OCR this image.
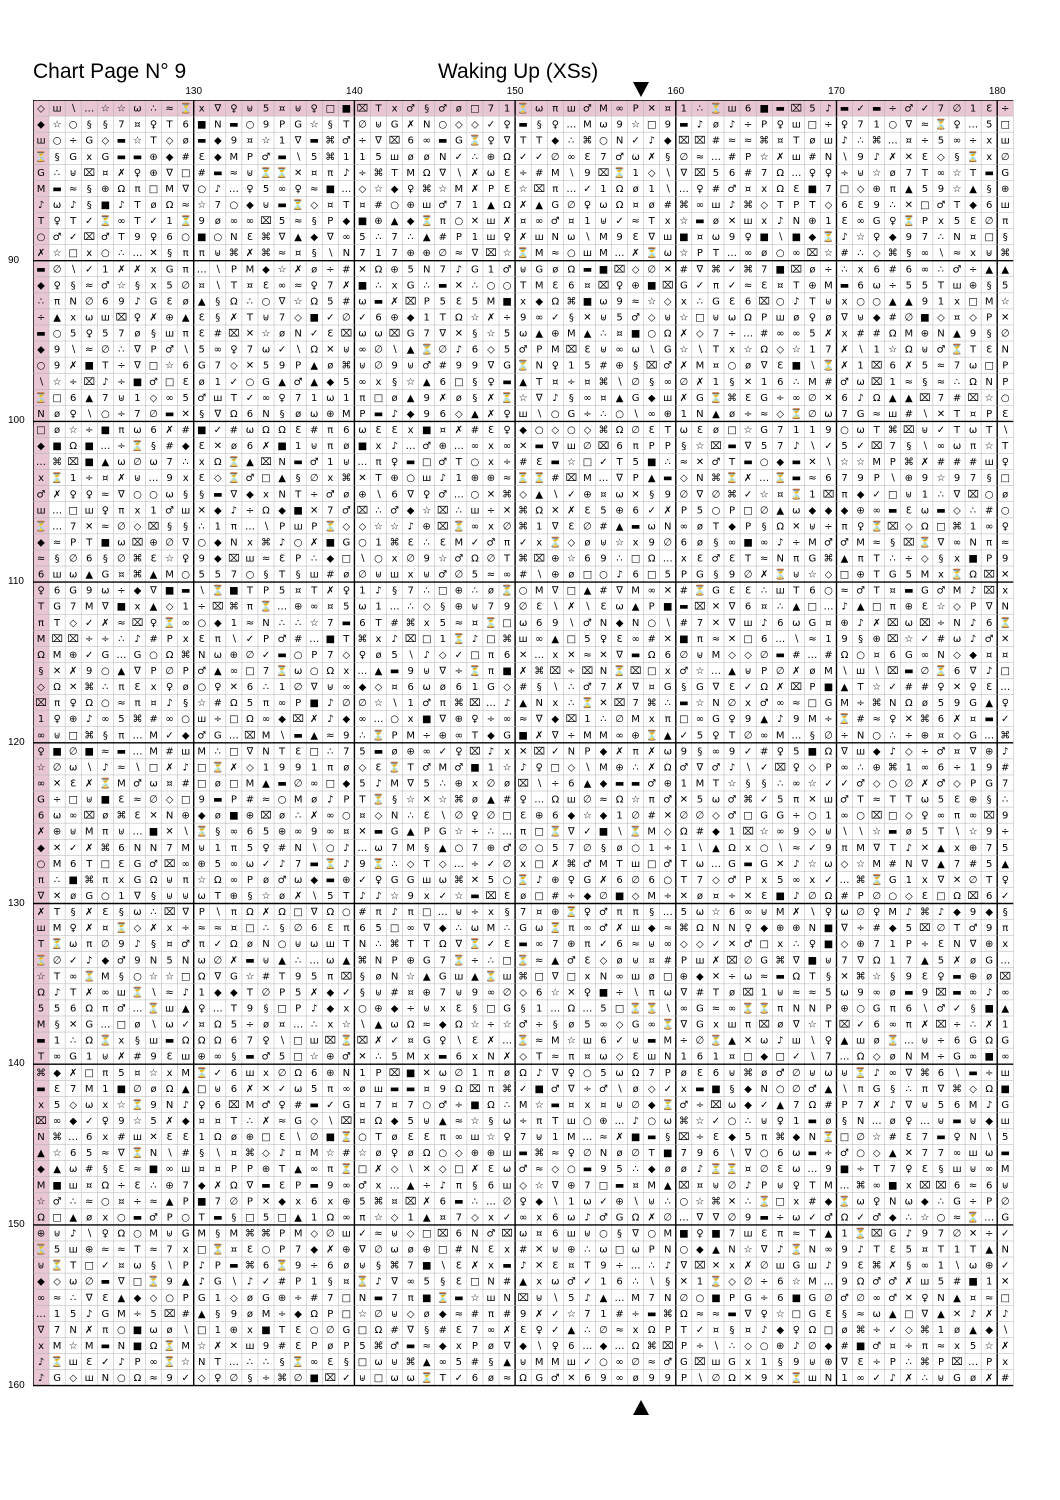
Chart Page N° 9	Waking Up (XSs)
130	140	150	160	170	180
90
100
110
120
130
140
150
160
◇ ш ∖ … ☆ ☆ ω ∴ ≈ ⏳ x ∇ ♀ ⊎ 5 ¤ ⊎ ♀ □ ■ ⌧ T x ♂ § ♂ ø □ 7 1 ⏳ ω π ш ♂ M ∞ P ✕ ¤ 1 ∴ ⏳ ш 6 ■ ▬ ⌧ 5 ♪ ▬ ✓ ▬ ÷ ♂ ✓ 7 ∅ 1 Ɛ ÷
◆ ☆ ○ § § 7 ¤ ♀ T 6 ■ N ▬ ○ 9 P G ☆ § T ∅ ⊎ G ✗ N ○ ◇ ◇ ✓ ♀ ▬ § ♀ … M ω 9 ☆ □ 9 ▬ ♪ ø ♪ ÷ P ♀ ш □ ÷ ♀ 7 1 ○ ∇ ≈ ⏳ ♀ … 5 □
ш ○ ÷ G ◇ ▬ ☆ T ◇ ø ▬ ◆ 9 ¤ ☆ 1 ∇ ▬ ⌘ ♂ ÷ ∇ ⌧ 6 ∞ ▬ G ⏳ ♀ ∇ T T ◆ ∴ ⌘ ○ N ✓ ♪ ◆ ⌧ ⌧ # ≈ ≈ ⌘ ¤ T ø ш ♪ ∴ ⌘ … ¤ ÷ 5 ∞ ÷ x ш
⏳ § G x G ▬ ▬ ⊕ ◆ # Ɛ ◆ M P ♂ ▬ ∖ 5 ⌘ 1 1 5 ш ø ø N ✓ ∴ ⊕ Ω ✓ ✓ ∅ ∞ Ɛ 7 ♂ ω ✗ § ∅ ≈ … # P ☆ ✗ ш # N ∖ 9 ♪ ✗ ✕ Ɛ ◇ § ⏳ x ∅
G ∴ ⊎ ⌧ ¤ ✗ ♀ ⊕ ∇ □ # ▬ ≈ ⊎ ⏳ ⏳ ✕ ¤ π ♪ ÷ ⌘ T M Ω ∇ ∖ ✗ ω Ɛ ÷ # M ∖ 9 ⌧ ⏳ 1 ◇ ∖ ∇ ⌧ 5 6 # 7 Ω … ♀ ♀ ÷ ⊎ ☆ ø 7 T ∞ ☆ T ▬ G
M ▬ ≈ § ⊕ Ω π □ M ∇ ○ ♪ … ♀ 5 ∞ ♀ ≈ ■ … ◇ ☆ ◆ ♀ ⌘ ☆ M ✗ P Ɛ ☆ ⌧ π … ✓ 1 Ω ø 1 ∖ … ♀ # ♂ ¤ x Ω Ɛ ■ 7 □ ◇ ⊕ π ▲ 5 9 ☆ ▲ § ⊕
♪ ω ♪ § ■ ♪ T ø Ω ≈ ☆ 7 ○ ◆ ⊎ ▬ ⏳ ◇ ¤ T ¤ # ○ ⊕ ш ♂ 7 1 ▲ Ω ✗ ▲ G ∅ ♀ ω Ω ¤ ø # ⌘ ∞ ш ♪ ⌘ ◇ T P T ◇ 6 Ɛ 9 ∴ ✕ □ ♂ T ◆ 6 ш
T ♀ T ✓ ⏳ ∞ T ✓ 1 ⏳ 9 ø ∞ ∞ ⌧ 5 ≈ § P ◆ ■ ⊕ ▲ ◆ ⏳ π ○ ✕ ш ✗ ¤ ∞ ♂ ¤ 1 ⊎ ✓ ≈ T x ☆ ▬ ø ✕ ш x ♪ N ⊕ 1 Ɛ ∞ G ♀ ⏳ P x 5 Ɛ ∅ π
○ ♂ ✓ ⌧ ♂ T 9 ♀ 6 ○ ■ ○ N Ɛ ⌘ ∇ ▲ ◆ ∇ ∞ 5 ∴ 7 ∴ ▲ # P 1 ш ♀ ✗ ш N ω ∖ M 9 Ɛ ∇ ш ■ ¤ ω 9 ♀ ■ ∖ ■ ◆ ⏳ ♪ ☆ ♀ ◆ 9 7 ∴ N ¤ □ §
✗ ☆ □ x ○ ∴ … ✕ § π π ⊎ ⌘ ✗ ⌘ ≈ ¤ § ∖ N 7 1 7 ⊕ ⊕ ∅ ≈ ∇ ⌧ ☆ ⏳ M ≈ ○ ш M … ✗ ⏳ ω ☆ P T … ∞ ø ○ ∞ ⌧ ☆ # ∴ ◇ ⌘ § ∞ ∖ ≈ x ⊎ ⌘
▬ ∅ ∖ ✓ 1 ✗ ✗ x G π … ∖ P M ◆ ☆ ✗ ø ÷ # ✕ Ω ⊕ 5 N 7 ♪ G 1 ♂ ⊎ G ø Ω ▬ ■ ⌧ ◇ ∅ ✕ # ∇ ⌘ ✓ ⌘ 7 ■ ⌧ ø ÷ ∴ x 6 # 6 ∞ ∴ ♂ ÷ ▲ ▲
◆ ♀ § ≈ ♂ ☆ § x 5 ∅ ¤ ∖ T ¤ Ɛ ∞ ≈ ♀ 7 ✗ ■ ∴ x G ∴ ▬ ✕ ∴ ○ ○ T M Ɛ 6 ¤ ⌧ ♀ ⊕ ■ ⌧ G ✓ π ✓ ≈ Ɛ ¤ T ⊕ M ▬ 6 ω ÷ 5 5 T ш ⊕ § 5
∴ π N ∅ 6 9 ♪ G Ɛ ø ▲ § Ω ∴ ○ ∇ ☆ Ω 5 # ω ▬ ✗ ⌧ P 5 Ɛ 5 M ■ x ◆ Ω ⌘ ■ ω 9 ≈ ☆ ◇ x ∴ G Ɛ 6 ⌧ ○ ♪ T ⊎ x ○ ○ ▲ ▲ 9 1 x □ M ☆
÷ ▲ x ω ш ⌧ ♀ ✗ ⊕ ▲ Ɛ § ✗ T ⊎ 7 ◇ ■ ✓ ∅ ✓ 6 ⊕ ◆ 1 T Ω ☆ ✗ ÷ 9 ∞ ✓ § ✕ ⊎ 5 ♂ ◇ ⊎ ☆ □ ⊎ ω Ω P ш ø ♀ ø ∇ ⊎ ◆ # ∅ ■ ◇ ¤ ◇ P ✕
▬ ○ 5 ♀ 5 7 ø § ш π Ɛ # ⌧ ✕ ☆ ø N ✓ Ɛ ⌧ ω ω ⌧ G 7 ∇ ✕ § ☆ 5 ω ▲ ⊕ M ▲ ∴ ¤ ■ ○ Ω ✗ ◇ 7 ÷ … # ∞ ∞ 5 ✗ x # # Ω M ⊕ N ▲ 9 § ∅
◆ 9 ∖ ≈ ∅ ∴ ∇ P ♂ ∖ 5 ∞ ♀ 7 ω ✓ ∖ Ω ✕ ⊎ ∞ ∅ ∖ ▲ ⏳ ∅ ♪ 6 ◇ 5 ♂ P M ⌧ Ɛ ⊎ ∞ ω ∖ G ☆ ∖ T x ☆ Ω ◇ ☆ 1 7 ✗ ∖ 1 ☆ Ω ⊎ ♂ ⏳ T Ɛ N
○ 9 ✗ ■ T ÷ ∇ □ ☆ 6 G 7 ◇ ✕ 5 9 P ▲ ø ⌘ ⊎ ∅ 9 ⊎ ♂ # 9 9 ∇ G ⏳ N ♀ 1 5 # ⊕ § ⌧ ♂ ✗ M ¤ ○ ø ∇ Ɛ ■ ∖ ⏳ ✗ 1 ⌧ 6 ✗ 5 ≈ 7 ω □ P
∖ ☆ ÷ ⌧ ♪ ÷ ■ ♂ □ Ɛ ø 1 ✓ ○ G ▲ ♂ ▲ ◆ 5 ∞ x § ☆ ▲ 6 □ § ♀ ▬ ▲ T ¤ ÷ ¤ ⌘ ∖ ∅ § ∞ ∅ ✗ 1 § ✕ 1 6 ∴ M # ♂ ω ⌧ 1 ≈ § ≈ ∴ Ω N P
⏳ □ 6 ▲ 7 ⊎ 1 ◇ ∞ 5 ♂ ш T ✓ ∞ ♀ 7 1 ω 1 π □ ø ▲ 9 ✗ ø § ✗ ⏳ ☆ ∇ ♪ § ∞ ¤ ▲ G ◆ ш ✗ G ⏳ ⌘ Ɛ G ÷ ∞ ∅ ✕ 6 ♪ Ω ▲ ▲ ⌧ 7 # ⌧ ☆ ○
N ø ♀ ∖ ○ ÷ 7 ∅ ▬ ✕ § ∇ Ω 6 N § ø ω ⊕ M P ▬ ♪ ◆ 9 6 ◇ ▲ ✗ ♀ ш ∖ ○ G ÷ ∴ ○ ∖ ∞ ⊕ 1 N ▲ ø ÷ ≈ ◇ ⏳ ∅ ω 7 G ≈ ш # ∖ ✕ T ¤ P Ɛ
□ ø ☆ ÷ ■ π ω 6 ✗ # ■ ✓ # ω Ω Ω Ɛ # π 6 ω Ɛ Ɛ x ■ ¤ ✗ # Ɛ ♀ ◆ ○ ◇ ○ ◇ ⌘ Ω ∅ Ɛ T ω Ɛ ø □ ☆ G 7 1 1 9 ○ ω T ⌘ ⌧ ⊎ ✓ T ω T ∖
◆ ■ Ω ■ … ÷ ⏳ § # ◆ Ɛ ✕ ø 6 ✗ ■ 1 ⊎ π ø ■ x ♪ … ♂ ⊕ … ∞ x ∞ ✕ ▬ ∇ ш ∅ ⌧ 6 π P P § ☆ ⌧ ▬ ∇ 5 7 ♪ ∖ ✓ 5 ✓ ⌧ 7 § ∖ ∞ ω π ☆ T
… ⌘ ⌧ ■ ▲ ω ∅ ω 7 ∴ x Ω ⏳ ▲ ⌧ N ▬ ♂ 1 ⊎ … π ♀ ▬ □ ♂ T ○ x ÷ # Ɛ ▬ ☆ □ ✓ T 5 ■ ∴ ≈ ✕ ♂ T ▬ ○ ◆ ▬ ✕ ∖ ☆ ☆ M P ⌘ ✗ # # # ш ♀
x ⏳ 1 ÷ ¤ ✗ ⊎ … 9 x Ɛ ◇ ⏳ ♂ □ ▲ § ∅ x ⌘ ✕ T ⊕ ○ ш ♪ 1 ⊕ ⊕ ≈ ⏳ ⏳ # ⌧ M … ∇ P ▲ ▬ ◇ N ⌘ ⏳ ✗ … ⏳ ▬ ≈ 6 7 9 P ∖ ⊕ 9 ☆ 9 7 § □
♂ ✗ ♀ ♀ ≈ ∇ ○ ○ ω § § ▬ ∇ ◆ x N T ÷ ♂ ø ⊕ ∖ 6 ∇ ♀ ♂ … ○ ✕ ⌘ ◇ ▲ ∖ ✓ ⊕ ¤ ω ✕ § 9 ∅ ∇ ∅ ⌘ ✓ ☆ ¤ ⏳ 1 ⌧ π ◆ ✓ □ ⊎ 1 ∴ ∇ ⌧ ○ ø
ш … □ ш ♀ π x 1 ♂ ш ✕ ◆ ♪ ÷ Ω ◆ ■ ✕ 7 ♂ ⌧ ∴ ♂ ◆ ☆ ⌧ ∴ ш ÷ ✕ ⌘ Ω ✕ ✗ Ɛ 5 ⊕ 6 ✓ ✗ P 5 ○ P □ ∅ ▲ ω ◆ ◆ ◆ ⊕ ∞ ▬ Ɛ ω ▬ ◇ ∴ # ○
⏳ … 7 ✕ ≈ ∅ ◇ ⌧ § § ∴ 1 π … ∖ P ш P ⏳ ◇ ◇ ☆ ☆ ♪ ⊕ ⌧ ⏳ ∞ x ∅ ⌘ 1 ∇ Ɛ ∅ # ▲ ▬ ω N ∞ ø T ◆ P § Ω ✕ ⊎ ÷ π ♀ ⏳ ⌧ ◇ Ω □ ⌘ 1 ∞ ♀
◆ ≈ P T ■ ω ⌧ ⊕ ∅ ∇ ○ ◆ N x ⌘ ♪ ○ ✗ ■ G ○ 1 ⌘ Ɛ ∴ Ɛ M ✓ ♂ π ✓ x ⏳ ◇ ø ⊎ ☆ x 9 ∅ 6 ø § ∞ ■ ∞ ♪ ÷ M ♂ ♂ M ≈ § ⌧ ⏳ ∇ ∞ N π ≈
≈ § ∅ 6 § ∅ ⌘ Ɛ ☆ ♀ 9 ◆ ⌧ ш ≈ Ɛ P ∴ ◆ □ ∖ ○ x ∅ 9 ☆ ♂ Ω ∅ T ⌘ ⌧ ⊕ ☆ 6 9 ∴ □ Ω … x Ɛ ♂ Ɛ T ≈ N π G ⌘ ▲ π T ∴ ÷ ◇ § x ■ P 9
6 ш ω ▲ G ¤ ⌘ ▲ M ○ 5 5 7 ○ § T § ш # ø ∅ ⊎ ш x ⊎ ♂ ∅ 5 ≈ ∞ # ∖ ⊕ ø □ ○ ♪ 6 □ 5 P G § 9 ∅ ✗ ⏳ ⊎ ☆ ◇ □ ⊕ T G 5 M x ⏳ Ω ⌧ ✕
♀ 6 G 9 ω ÷ ◆ ∇ ■ ▬ ∖ ⏳ ■ T P 5 ¤ T ✗ ♀ 1 ♪ § 7 ∴ □ ⊕ ∴ ø ⏳ ○ M ∇ □ ▲ # ∇ M ∞ ✕ # ⏳ G Ɛ Ɛ ∴ ш T 6 ○ ≈ ♂ T ¤ ▬ G ♂ M ♪ ⌧ x
T G 7 M ∇ ■ x ▲ ◇ 1 ÷ ⌧ ⌘ π ⏳ … ⊕ ∞ ¤ 5 ω 1 … ∴ ◇ § ⊕ ⊎ 7 9 ∅ Ɛ ∖ ✗ ∖ Ɛ ω ▲ P ■ ▬ ⌧ ✕ ∇ 6 ¤ ∴ ▲ □ … ♪ ▲ □ π ⊕ Ɛ ☆ ◇ P ∇ N
π T ◇ ✓ ✗ ≈ ⌧ ♀ ⏳ ∞ ○ ◆ 1 ≈ N ∴ ∴ ☆ 7 ▬ 6 T # ⌘ x 5 ≈ ¤ ⏳ □ ω 6 9 ∖ ♂ N ◆ N ○ ∖ # 7 ✕ ∇ ш ♪ 6 ω G ¤ ⊕ ♪ ✗ ⌧ ω ⌧ ÷ N ♪ 6 ⏳
M ⌧ ⌧ ÷ ÷ ∴ ♪ # P x Ɛ π ∖ ✓ P ♂ # … ■ T ⌘ x ♪ ⌧ □ 1 ⏳ ♪ □ ⌘ ш ∞ ▲ □ 5 ♀ Ɛ ∞ # ✕ ■ π ≈ ✕ □ 6 … ∖ ≈ 1 9 § ⊕ ⌧ ☆ ✓ # ω ♪ ♂ ✕
Ω M ⊕ ✓ G … G ○ Ω ⌘ N ω ⊕ ∅ ✓ ▬ ○ P 7 ◇ ♀ ø 5 ∖ ♪ ◇ ✓ □ π 6 ✕ … x ✕ ≈ ✕ ∇ ▬ Ω 6 ∅ ⊎ M ◇ ◇ ∅ ▬ # … # Ω ○ ¤ 6 G ∞ N ◇ ◆ ¤ ¤
§ ✕ ✗ 9 ○ ▲ ∇ P ∅ P ♂ ▲ ∞ □ 7 ⏳ ω ○ Ω x … ▲ ▬ 9 ⊎ ∇ ÷ ⏳ π ■ ✗ ⌘ ⌧ ÷ ⌧ N ⏳ ⌧ □ x ♂ ☆ … ▲ ⊎ P ∅ ✗ ø M ∖ ш ∖ ⌧ ▬ ∅ ⏳ 6 ∇ ♪ □
◇ Ω ✕ ⌘ ∴ π Ɛ x ♀ ø ○ ♀ ✕ 6 ∴ 1 ∅ ∇ ⊎ ∞ ◆ ◇ ¤ 6 ω ø 6 1 G ◇ # § ∖ ∴ ♂ 7 ✗ ∇ ¤ G § G ∇ Ɛ ✓ Ω ✗ ⌧ P ■ ▲ T ☆ ✓ # # ♀ ✕ ♀ Ɛ …
⌧ π ♀ Ω ○ ≈ π ¤ ♪ § ☆ # Ω 5 π ∞ P ■ ♪ ∅ ∅ ☆ ∖ 1 ♂ π ⌘ ⌧ … ♪ ▲ N x ∴ ⏳ ✕ ⌧ 7 ⌘ ∴ ▬ ☆ N ∅ x ♂ ∞ ≈ □ G M ÷ ⌘ N Ω ø 5 9 G ▲ ♀
1 ♀ ⊕ ♪ ∞ 5 ⌘ # ∞ ○ ш ÷ □ Ω ∞ ◆ ⌧ ✗ ♪ ◆ ∞ … ○ x ■ ∇ ⊕ ♀ ÷ ∞ ≈ ∇ ◆ ⌧ 1 ∴ ∅ M x π □ ∞ G ♀ 9 ▲ ♪ 9 M ÷ ⏳ # ≈ ♀ ✕ ⌘ 6 ✗ ¤ ▬ ✓
∞ ⊎ □ ⌘ § π … M ✓ ◆ ♂ G … ⌧ M ∖ ▬ ▲ ≈ 9 ∴ ⏳ P M ÷ ⊕ ∞ T ◆ G ■ ✗ ∇ ÷ M M ∞ ⊕ ⏳ ▲ ✓ 5 ♀ T ∅ ∞ M … § ∅ ÷ N ○ ∴ ÷ ⊕ ¤ ◇ G … ⌘
♀ ■ ∅ ■ ≈ ▬ … M # ш M ∴ □ ∇ N T Ɛ □ ∴ 7 5 ▬ ø ⊕ ∞ ✓ ♀ ⌧ ♪ x ✕ ⌧ ✓ N P ◆ ✗ π ✗ ω 9 § ∞ 9 ✓ # ♀ 5 ■ Ω ∇ ш ◆ ♪ ◇ ÷ ♂ ¤ ∇ ⊕ ♪
☆ ∅ ω ∖ ♪ ≈ ∖ □ ✗ ♪ □ ⏳ ✗ ◇ 1 9 9 1 π ø ◇ Ɛ ⏳ T ♂ M ♂ ■ 1 ☆ ♪ ♀ □ ◇ ∖ M ⊕ ∴ ✗ Ω ♂ ∇ ♂ ♪ ∖ ✓ ⌧ ♀ ◇ P ∞ ∴ ⊕ ⌘ 1 ∞ 6 ÷ 1 9 #
∞ ✕ Ɛ ✗ ⏳ M ♂ ω ¤ # □ ø □ M ▲ ▬ ∅ ∞ □ ◆ 5 ♪ M ∇ 5 ∴ ⊕ x ∅ ø ⌧ ∖ ÷ 6 ▲ ◆ ▬ ▬ ♂ ⊕ 1 M T ☆ § § ∴ ∞ ☆ ✓ ✓ ♂ ◇ ○ ∅ ✗ ♂ ◇ P G 7
G ÷ □ ⊎ ■ Ɛ ≈ ∅ ◇ □ 9 ▬ P # ≈ ○ M ø ♪ P T ⏳ § ☆ ✕ ☆ ⌘ ø ▲ # ♀ … Ω ш ∅ ≈ Ω ☆ π ♂ ✕ 5 ω ♂ ⌘ ✓ 5 π ✕ ш ♂ T ≈ T T ω 5 Ɛ ⊕ § ∴
6 ω ∞ ⌧ ø ⌘ Ɛ ✕ N ⊕ ◆ ø ■ ⊕ ⌧ ø ∴ ✗ ∞ ○ ¤ ◇ N ∴ Ɛ ∖ ∅ ♀ ∅ □ Ɛ ⊕ 6 ◆ ☆ ◆ 1 ∅ # ✕ ∅ ∅ ◇ ♂ □ G G ÷ ○ 1 ∞ ○ ⌧ □ ◇ ♀ ∞ π ∞ ⌧ 9
✗ ⊕ ⊎ M π ⊎ … ■ ✕ ∖ ⏳ § ∞ 6 5 ⊕ ∞ 9 ∞ ¤ ✕ ▬ G ▲ P G ☆ ÷ ∴ … π □ ⏳ ∇ ✓ ■ ∖ ⏳ M ◇ Ω # ◆ 1 ⌧ ☆ ∞ 9 ◇ ⊎ ∖ ∖ ☆ ▬ ø 5 T ∖ ☆ 9 ÷
◆ ✕ ✓ ✗ ⌘ 6 N N 7 M ⊎ 1 π 5 ♀ # N ∖ ○ ♪ … ω 7 M § ▲ ○ 7 ⊕ ♂ ∅ ○ 5 7 ∅ § ø ○ 1 ÷ 1 ∖ ▲ Ω x ○ ∖ ≈ ✓ 9 π M ∇ T ♪ ✕ ▲ x ⊕ 7 5
○ M 6 T □ Ɛ G ♂ ⌧ ∞ ⊕ 5 ∞ ω ✓ ♪ 7 ▬ ⏳ ♪ 9 ⏳ ∴ ◇ T ◇ … ÷ ✓ ∅ x □ ✗ ⌘ ♂ M T ш □ ♂ T ω … G ▬ G ✕ ♪ ☆ ω ◇ ☆ M # N ∇ ▲ 7 # 5 ▲
π ∴ ■ ⌘ π x G Ω ⊎ π ☆ Ω ∞ P ø ♂ ω ◆ ▬ ⊕ ✓ ♀ G G ш ω ⌘ ✕ 5 ○ ⏳ ♪ ⊕ ♀ G ✗ 6 ∅ 6 ○ T 7 ◇ ♂ P x 5 ∞ x ✓ … ⌘ ⏳ G 1 x ∇ ✕ ∅ T ♀
∇ ✕ ø G ○ 1 ∇ § ⊎ ⊎ ω T ⊕ § ☆ ø ✗ ∖ 5 T ♪ ♪ ☆ 9 x ✓ ☆ ▬ ⌧ Ɛ ø □ # ÷ ◆ ∅ ■ ◇ M ÷ ✕ ø ¤ ÷ ✕ Ɛ ■ ♪ ∅ Ω # P ∅ ○ ◇ Ɛ □ Ω ⌧ 6 ✓
✗ T § ✗ Ɛ § ω ∴ ⌧ ∇ P ∖ π Ω ✗ Ω □ ∇ Ω ○ # π ♪ π □ … ⊎ ÷ x § 7 ¤ ⊕ ⏳ ♀ ♂ π π § … 5 ω ☆ 6 ∞ ⊎ M ✗ ∖ ♀ ω ∅ ♀ M ♪ ⌘ ♪ ◆ 9 ◆ §
ш M ♀ ✗ ¤ ⏳ ◇ ✗ x ÷ ≈ ≈ ¤ □ ∴ § ∅ 6 Ɛ π 6 5 □ ∞ ∇ ◆ ∴ ω M ∴ G ω ⏳ π ∞ ♂ ✗ ш ◆ ≈ ⌘ Ω N N ♀ ◆ ⊕ ⊕ N ■ ∇ ÷ # ◆ 5 ⌧ ∅ T ♂ 9 π
T ⏳ ω π ∅ 9 ♪ § ¤ ♂ π ✓ Ω ø N ○ ⊎ ω ш T N ∴ ⌘ T T Ω ∇ ⏳ ✓ Ɛ ▬ ∞ 7 ⊕ π ✓ 6 ≈ ⊎ ∞ ◇ ◇ ✓ ✕ ♂ □ x ∴ ♀ ■ ◇ ⊕ 7 1 P ÷ Ɛ N ∇ ⊕ x
⏳ ∅ ✓ ♪ ◆ ♂ 9 N 5 N ω ∅ ✗ ▬ ⊎ ▲ ∴ … ω ▲ ⌘ N P ⊕ G 7 ⏳ ÷ ∴ □ ⏳ ≈ ▲ ♂ Ɛ ◇ ø ⊎ ¤ # P ш ✗ ⌧ ∅ G ⌘ ∇ ■ ⊎ 7 ∇ Ω 1 7 ▲ 5 ✗ ø G …
☆ T ∞ ⏳ M § ○ ☆ ☆ □ Ω ∇ G ☆ # T 9 5 π ⌧ § ø N ☆ ▲ G ш ▲ ⏳ ш ⌘ □ ∇ □ x N ∞ ш ø □ ⊕ ◆ ✕ ÷ ω ≈ ▬ Ω T § ✕ ⌘ ☆ § 9 Ɛ ♀ ▬ ⊕ ø ⌧
Ω ♪ T ✗ ∞ ш ⏳ ∖ ≈ ♪ 1 ◆ ◆ T ∅ P 5 ✗ ◆ ✓ § ⊎ # ¤ ⊕ 7 ⊎ 9 ∞ ∅ ◇ 6 ☆ ✕ ♀ ■ ÷ ∖ π ω ∇ # T ø ⌧ 1 ⊎ ≈ ≈ 5 ω 9 ∞ ø ▬ 9 ⌧ ▬ ∞ ♪ ∞
5 5 6 Ω π ♂ … ⏳ ш ▲ ♀ … T 9 § □ P ♪ ◆ x ○ ⊕ ◆ ÷ ⊎ x Ɛ § □ G § 1 … Ω … 5 □ ⏳ ⏳ ∖ ∞ G ≈ ∞ ⏳ ⏳ π N N P ⊕ ○ G π 6 ∖ ♂ ✓ § ■ ▲
M § ✕ G … □ ø ∖ ω ✓ ¤ Ω 5 ÷ ø ¤ … ∴ x ☆ ∖ ▲ ω Ω ≈ ◆ Ω ☆ ÷ ☆ ♂ ÷ § ø 5 ∞ ◇ G ∞ ⏳ ∇ G x ш π ⌧ ø ∇ ☆ T ⌧ ✓ 6 ∞ π ✗ ⌧ ÷ ∴ ✗ 1
▬ 1 ∴ Ω ⏳ x § ш ▬ Ω Ω Ω 6 7 ♀ ∖ □ ш ⌧ ⏳ ⌧ ✗ ✓ ¤ G ♀ ∖ Ɛ ✗ … ⏳ ≈ M ☆ ш 6 ✓ ⊎ ▬ M ÷ ∅ ⏳ ▲ ✕ ω ♪ ш ∖ ♀ ▲ ш ø ⏳ … ⊎ ÷ 6 G Ω G
T ∞ G 1 ⊎ ✗ # 9 Ɛ ш ⊕ ∞ § ▬ ♂ 5 □ ☆ ⊕ ♂ ✕ ∴ 5 M x ▬ 6 x N ✗ ◇ T ≈ π ¤ ω ◇ Ɛ ш N 1 6 1 ¤ □ ◆ □ ✓ ∖ 7 … Ω ◇ ø N M ÷ G ∞ ■ ∞
⌘ ◆ ✗ □ π 5 ¤ ☆ x M ⏳ ✓ 6 ш x ∅ Ω 6 ⊕ N 1 P ⌧ ■ ✕ ω ∅ 1 π ø Ω ♪ ∇ ♀ ○ 5 ω Ω 7 P ø Ɛ 6 ⊎ ⌘ ø ♂ ∅ ⊎ ω ⊎ ⏳ ♪ ∞ ∇ ⌘ 6 ∖ ▬ ÷ ш
▬ Ɛ 7 M 1 ■ ∅ ø Ω ▲ □ ⊎ 6 ✗ ✕ ✓ ω 5 π ∞ ø ш ▬ ▬ ¤ 9 Ω ⌧ π ⌘ ✓ ■ ♂ ∇ ÷ ♂ ∖ ø ◇ ✓ x ▬ ■ § ◆ N ○ ∅ ♂ ▲ ∖ π G § ∴ π ∇ ⌘ ◇ Ω ■
x 5 ◇ ω x ☆ ⏳ 9 N ♪ ♀ 6 ⌧ M ♂ ♀ # ▬ ✓ G ¤ 7 ¤ 7 ○ ♂ ÷ ■ Ω ∴ M ☆ ▬ ¤ x ¤ ⊎ ∅ ◆ ⏳ ♂ ÷ ⌧ ω ◆ ✓ ▲ 7 Ω # P 7 ✗ ♪ ∇ ⊎ 5 6 M ♪ G
⌧ ∞ ◆ ✓ ♀ 9 ☆ 5 ✗ ◆ ¤ ¤ T ∴ ✗ ≈ G ◇ ∖ ⌧ ¤ Ω ◆ 5 ⊎ ▲ ≈ ☆ § ω ÷ π T ш ○ ⊕ … ♪ ○ ω ⌘ ☆ ✓ ○ ∴ ⊎ ♀ 1 ▬ ø § N … ø ♀ … ⊎ ▬ ⊎ ◆ ш
N ⌘ … 6 x # ш ✕ Ɛ Ɛ 1 Ω ø ⊕ □ Ɛ ∖ ∅ ■ ⏳ ○ T ø Ɛ Ɛ π ∞ ш ☆ ♀ 7 ⊎ 1 M … ≈ ✗ ■ ▬ § ⌧ ÷ Ɛ ◆ 5 π ⌘ ◆ N ⏳ □ ∅ ☆ # Ɛ 7 ▬ ♀ N ∖ 5
▲ ☆ 6 5 ≈ ∇ ⏳ N ∖ # § ∖ ¤ ⌘ ◇ ♪ ¤ M ☆ # ☆ ø ♀ ø Ω ○ ◇ ⊕ ⊕ ш ▬ ⌘ ≈ ♀ ∅ N ø ∅ T ■ 7 9 6 ∖ ∇ ○ 6 ω ▬ ÷ ♂ ○ ◇ ▲ ✕ 7 7 ∞ ш ω ▬
◆ ▲ ω # § Ɛ ≈ ■ ∞ ш ¤ ¤ P P ⊕ T ▲ ∞ π ⏳ □ ✗ ◇ ∖ ✕ ◇ □ ✗ Ɛ ω ♂ ≈ ◇ ○ ▬ 9 5 ∴ ◆ ø ø ♪ ⏳ ⏳ ¤ ∅ Ɛ ω … 9 ■ ÷ T 7 ♀ Ɛ § ш ⊎ ∞ M
M ■ ш ¤ Ω ÷ Ɛ ∴ ⊕ 7 ◆ ✗ Ω ∇ ▬ Ɛ P ▬ 9 ∞ ♂ x … ▲ ÷ ♪ π § 6 ш ◇ ☆ ∇ ⊕ 7 □ ▬ ¤ M ▲ ⌧ ¤ ⊎ ∅ ♪ P ⊎ ♀ T M … ⌘ ∞ ■ x ⌧ ⌧ 6 ≈ 6 ⊎
☆ ♂ ∴ ≈ ○ ¤ ÷ ≈ ▲ P ■ 7 ∅ P ✕ ◆ x 6 x ⊕ 5 ⌘ ¤ ⌧ ✗ 6 ▬ ∴ … ∅ ♀ ◆ ∖ 1 ω ✓ ⊕ ∖ ⊎ ∴ ○ ☆ ⌘ ✕ ∴ ⏳ □ x # ◆ ⏳ ω ♀ N ω ◆ ∴ G ÷ P ∅
Ω □ ▲ ø x ○ ▬ ♂ P ○ T ▬ § □ 5 □ ▲ 1 Ω ∞ π ☆ ◇ 1 ▲ ¤ 7 ◇ x ✓ ∞ x 6 ω ♪ ♂ G Ω ✗ ∅ … ∇ ∇ ∅ 9 ▬ ÷ ω ✓ ♂ Ω ✓ ♂ ◆ ∴ ☆ ○ ≈ ⏳ … G
⊕ ⊎ ♪ ∖ ♀ Ω ○ M ⊎ G M § M ⌘ ⌘ P M ◇ ∅ ш ✓ ≈ ⊎ ◇ □ ⌧ 6 N ♂ ⌧ ω ¤ 6 ш ⊎ ○ § ∇ ○ M ■ ♀ ■ 7 ш Ɛ π ≈ T ▲ 1 ⏳ ⌧ G ♪ 9 7 ∅ ✕ ÷ ✓
⏳ 5 ш ⊕ ≈ ≈ T ≈ 7 x □ ⏳ ¤ Ɛ ○ P 7 ◆ ✗ ⊕ ∇ ∅ ω ø ⊕ □ # N Ɛ x # ✕ ⊎ ⊕ ∴ ω □ ω P N ○ ◆ ▲ N ☆ ∇ ♪ ⏳ N ∞ 9 ♪ T Ɛ 5 ¤ T 1 T ▲ N
⊎ ⏳ T □ ✓ ¤ ω § ∖ P ♪ P ▬ ⌘ 6 ⏳ 9 ÷ 6 ø ⊎ § ⌘ 7 ■ ∖ Ɛ ✗ x ▬ ♪ ✕ Ɛ ¤ T 9 ÷ … ∴ ♪ ∇ ⌧ ✕ x ✗ ∅ ш G ш ♪ 9 Ɛ ⌘ ✗ § ∞ 1 ∖ ω ⊕ ✓
◆ ◇ ω ∅ ▬ ∇ □ ⏳ 9 ▲ ♪ G ∖ ♪ ✓ # P 1 § ¤ ⏳ ♪ ∇ ∞ 5 § Ɛ □ N # ▲ x ω ♂ ✓ 1 6 ∴ ∖ § ✕ 1 ⏳ ◇ ∅ ÷ 6 ☆ M … 9 Ω ♂ ♂ ✗ ш 5 # ■ 1 ✕
∞ ≈ ∴ ∇ Ɛ ▲ ◆ ◇ ○ P G 1 ◇ ø G ⊕ ÷ # 7 □ N ▬ 7 π ■ ⏳ ▬ ☆ ш N ⌧ ⊎ ∖ 5 ♪ ▲ … M 7 N ∅ ○ ■ P G ÷ 6 ■ G ∅ ♂ ∅ ∞ ♂ ✕ ♀ N ▲ ¤ ≈ □
… 1 5 ♪ G M ÷ 5 ⌧ # ▲ § 9 ø M ÷ ◆ Ω P □ ☆ ∅ ⊎ ◇ ø ◆ ≈ # π # 9 ✗ ✓ ☆ 7 1 # ÷ ▬ ⌘ Ω ≈ ≈ ▬ ∇ ♀ ☆ □ G Ɛ § ≈ ω ▲ □ ∇ ▲ ✕ ♪ ✗ ♪
∇ 7 N ✗ π ○ ■ ω ø ∖ □ 1 ⊕ x ■ T Ɛ ○ ∅ G □ Ω # ∇ § # Ɛ 7 ∞ ✗ Ɛ ♀ ✓ ▲ ∴ ∅ ≈ x Ω P T ✓ ¤ § ¤ ♪ ◆ ♀ Ω □ ø ⌘ ÷ ✓ ◇ ⌘ 1 ø ▲ ◆ ∖
x M ☆ M ▬ N ■ Ω ⏳ M ☆ ✗ ✕ ш 9 # Ɛ P ø P 5 ⌘ ♂ ▬ ≈ ◆ x P ø ∇ ◆ ∖ ♀ 6 … ◆ … Ω ⌘ ⌧ P ÷ ∖ ∴ ◇ ○ ⊕ ♪ ∅ ◆ # ■ ♂ ¤ ÷ π ≈ x 5 ☆ ✗
♪ ⏳ ш Ɛ ✓ ♪ P ∞ ⏳ ☆ N T … ∴ ∴ § ⏳ ∞ Ɛ § □ ω ⊎ ⌘ ▲ ∞ 5 # § ▲ ⊎ M M ш ✓ ○ ∞ ∅ ≈ ♂ G ⌧ ш G x 1 § 9 ⊎ ⊕ ∇ Ɛ ÷ P ∴ ⌘ P ⌧ … P x
♪ G ◇ ш N ○ Ω ≈ 9 ✓ ◇ ♀ ∅ § ÷ ⌘ ∅ ■ ⌧ ✓ ⊎ □ ω ω ⏳ T ✓ 6 ø ≈ Ω G ♂ ✕ 6 9 ∞ ø 9 9 P ∖ ∅ Ω ✕ 9 ✕ ⏳ ш N 1 ∞ ✓ ♪ ✗ ∴ ⊎ G ø ✗ #
